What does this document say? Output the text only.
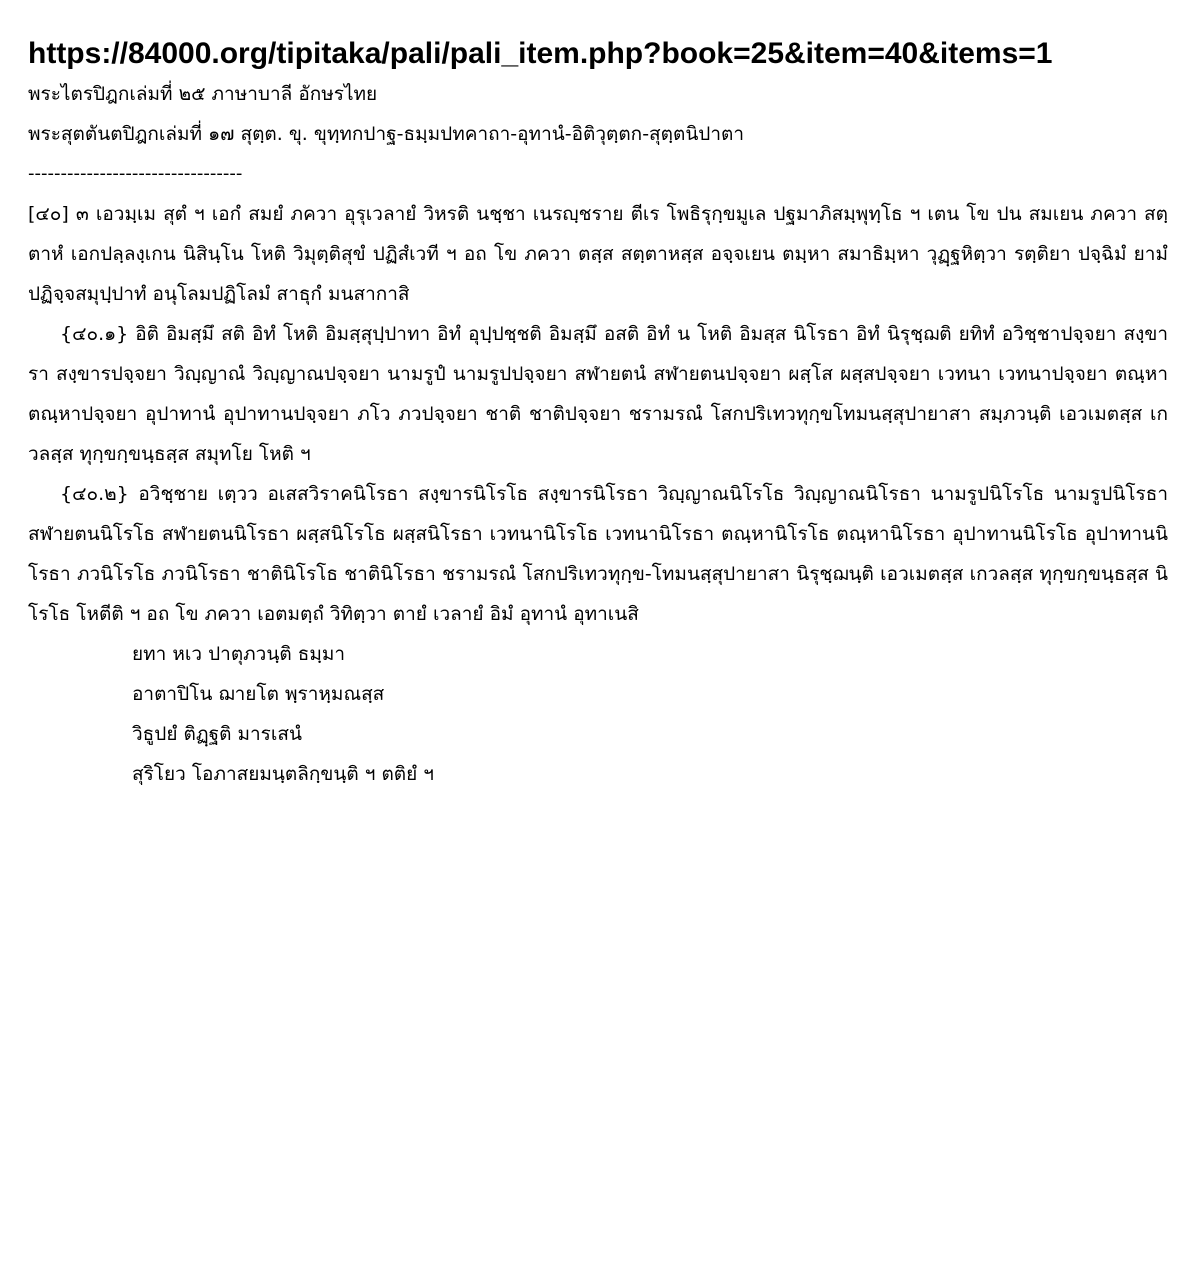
https://84000.org/tipitaka/pali/pali_item.php?book=25&item=40&items=1

พระไตรปิฎกเล่มที่ ๒๕ ภาษาบาลี อักษรไทย

พระสุตตันตปิฎกเล่มที่ ๑๗ สุตฺต. ขุ. ขุทฺทกปาฐ-ธมฺมปทคาถา-อุทานํ-อิติวุตฺตก-สุตฺตนิปาตา

---------------------------------

[๔๐] ๓ เอวมฺเม สุตํ ฯ เอกํ สมยํ ภควา อุรุเวลายํ วิหรติ นชฺชา เนรญฺชราย ตีเร โพธิรุกฺขมูเล ปฐมาภิสมฺพุทฺโธ ฯ เตน โข ปน สมเยน ภควา สตฺตาหํ เอกปลฺลงฺเกน นิสินฺโน โหติ วิมุตฺติสุขํ ปฏิสํเวที ฯ อถ โข ภควา ตสฺส สตฺตาหสฺส อจฺจเยน ตมฺหา สมาธิมฺหา วุฏฺฐหิตฺวา รตฺติยา ปจฺฉิมํ ยามํ ปฏิจฺจสมุปฺปาทํ อนุโลมปฏิโลมํ สาธุกํ มนสากาสิ

{๔๐.๑} อิติ อิมสฺมึ สติ อิทํ โหติ อิมสฺสุปฺปาทา อิทํ อุปฺปชฺชติ อิมสฺมึ อสติ อิทํ น โหติ อิมสฺส นิโรธา อิทํ นิรุชฺฌติ ยทิทํ อวิชฺชาปจฺจยา สงฺขารา สงฺขารปจฺจยา วิญฺญาณํ วิญฺญาณปจฺจยา นามรูปํ นามรูปปจฺจยา สฬายตนํ สฬายตนปจฺจยา ผสฺโส ผสฺสปจฺจยา เวทนา เวทนาปจฺจยา ตณฺหา ตณฺหาปจฺจยา อุปาทานํ อุปาทานปจฺจยา ภโว ภวปจฺจยา ชาติ ชาติปจฺจยา ชรามรณํ โสกปริเทวทุกฺขโทมนสฺสุปายาสา สมฺภวนฺติ เอวเมตสฺส เกวลสฺส ทุกฺขกฺขนฺธสฺส สมุทโย โหติ ฯ

{๔๐.๒} อวิชฺชาย เตฺวว อเสสวิราคนิโรธา สงฺขารนิโรโธ สงฺขารนิโรธา วิญฺญาณนิโรโธ วิญฺญาณนิโรธา นามรูปนิโรโธ นามรูปนิโรธา สฬายตนนิโรโธ สฬายตนนิโรธา ผสฺสนิโรโธ ผสฺสนิโรธา เวทนานิโรโธ เวทนานิโรธา ตณฺหานิโรโธ ตณฺหานิโรธา อุปาทานนิโรโธ อุปาทานนิโรธา ภวนิโรโธ ภวนิโรธา ชาตินิโรโธ ชาตินิโรธา ชรามรณํ โสกปริเทวทุกฺข-โทมนสฺสุปายาสา นิรุชฺฌนฺติ เอวเมตสฺส เกวลสฺส ทุกฺขกฺขนฺธสฺส นิโรโธ โหตีติ ฯ อถ โข ภควา เอตมตฺถํ วิทิตฺวา ตายํ เวลายํ อิมํ อุทานํ อุทาเนสิ

ยทา หเว ปาตุภวนฺติ ธมฺมา

อาตาปิโน ฌายโต พฺราหฺมณสฺส

วิธูปยํ ติฏฺฐติ มารเสนํ

สุริโยว โอภาสยมนฺตลิกฺขนฺติ ฯ ตติยํ ฯ
